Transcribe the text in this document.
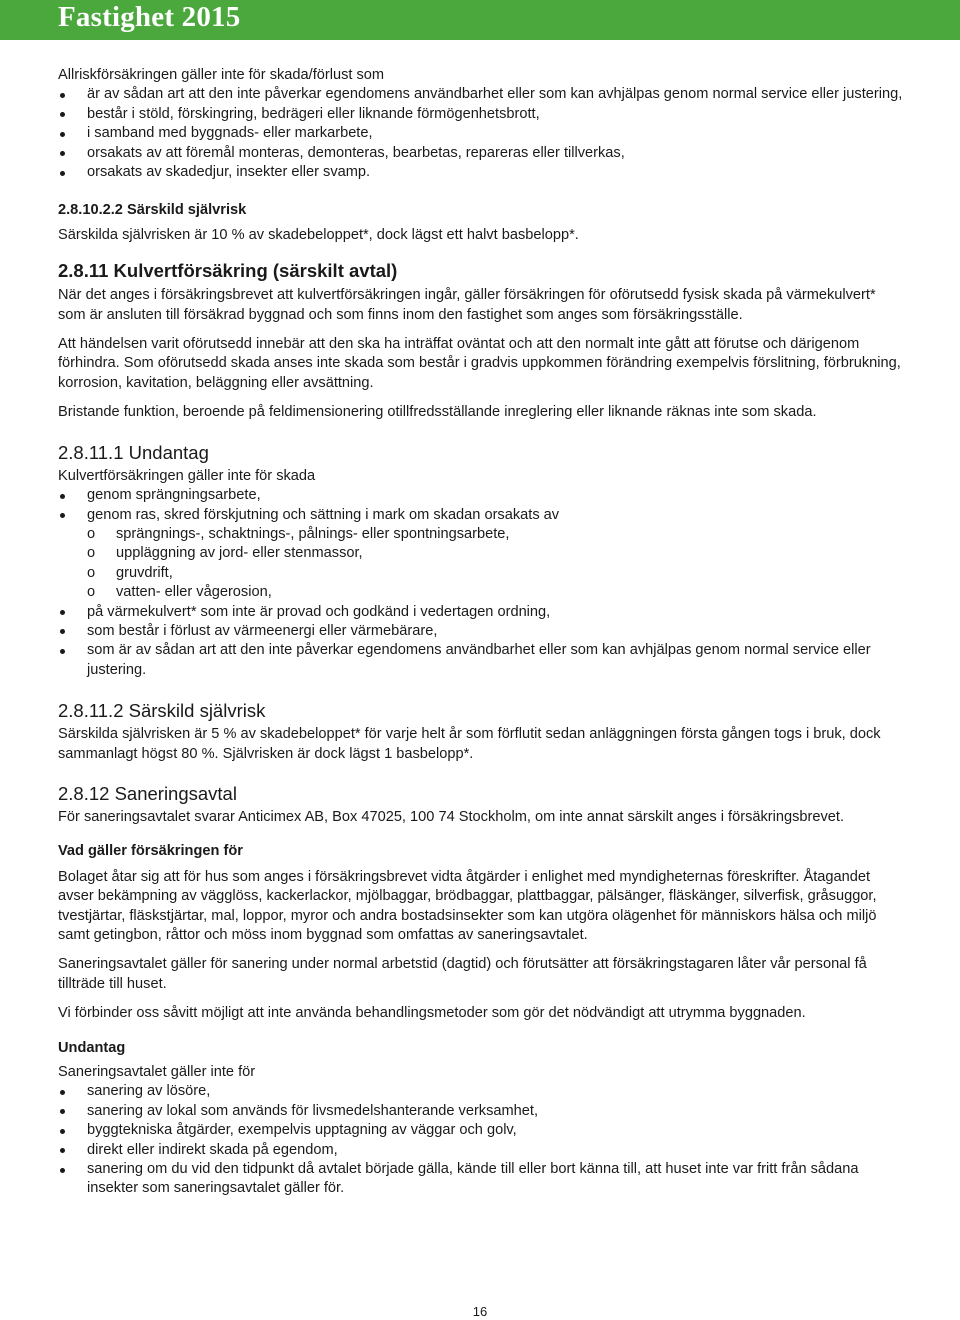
Fastighet 2015

Allriskförsäkringen gäller inte för skada/förlust som

är av sådan art att den inte påverkar egendomens användbarhet eller som kan avhjälpas genom normal service eller justering,
består i stöld, förskingring, bedrägeri eller liknande förmögenhetsbrott,
i samband med byggnads- eller markarbete,
orsakats av att föremål monteras, demonteras, bearbetas, repareras eller tillverkas,
orsakats av skadedjur, insekter eller svamp.

2.8.10.2.2 Särskild självrisk

Särskilda självrisken är 10 % av skadebeloppet*, dock lägst ett halvt basbelopp*.

2.8.11 Kulvertförsäkring (särskilt avtal)

När det anges i försäkringsbrevet att kulvertförsäkringen ingår, gäller försäkringen för oförutsedd fysisk skada på värmekulvert* som är ansluten till försäkrad byggnad och som finns inom den fastighet som anges som försäkringsställe.

Att händelsen varit oförutsedd innebär att den ska ha inträffat oväntat och att den normalt inte gått att förutse och därigenom förhindra. Som oförutsedd skada anses inte skada som består i gradvis uppkommen förändring exempelvis förslitning, förbrukning, korrosion, kavitation, beläggning eller avsättning.

Bristande funktion, beroende på feldimensionering otillfredsställande inreglering eller liknande räknas inte som skada.

2.8.11.1 Undantag

Kulvertförsäkringen gäller inte för skada

genom sprängningsarbete,
genom ras, skred förskjutning och sättning i mark om skadan orsakats av
o sprängnings-, schaktnings-, pålnings- eller spontningsarbete,
o uppläggning av jord- eller stenmassor,
o gruvdrift,
o vatten- eller vågerosion,
på värmekulvert* som inte är provad och godkänd i vedertagen ordning,
som består i förlust av värmeenergi eller värmebärare,
som är av sådan art att den inte påverkar egendomens användbarhet eller som kan avhjälpas genom normal service eller justering.

2.8.11.2 Särskild självrisk

Särskilda självrisken är 5 % av skadebeloppet* för varje helt år som förflutit sedan anläggningen första gången togs i bruk, dock sammanlagt högst 80 %. Självrisken är dock lägst 1 basbelopp*.

2.8.12 Saneringsavtal

För saneringsavtalet svarar Anticimex AB, Box 47025, 100 74 Stockholm, om inte annat särskilt anges i försäkringsbrevet.

Vad gäller försäkringen för

Bolaget åtar sig att för hus som anges i försäkringsbrevet vidta åtgärder i enlighet med myndigheternas föreskrifter. Åtagandet avser bekämpning av vägglöss, kackerlackor, mjölbaggar, brödbaggar, plattbaggar, pälsänger, fläskänger, silverfisk, gråsuggor, tvestjärtar, fläskstjärtar, mal, loppor, myror och andra bostadsinsekter som kan utgöra olägenhet för människors hälsa och miljö samt getingbon, råttor och möss inom byggnad som omfattas av saneringsavtalet.

Saneringsavtalet gäller för sanering under normal arbetstid (dagtid) och förutsätter att försäkringstagaren låter vår personal få tillträde till huset.

Vi förbinder oss såvitt möjligt att inte använda behandlingsmetoder som gör det nödvändigt att utrymma byggnaden.

Undantag

Saneringsavtalet gäller inte för

sanering av lösöre,
sanering av lokal som används för livsmedelshanterande verksamhet,
byggtekniska åtgärder, exempelvis upptagning av väggar och golv,
direkt eller indirekt skada på egendom,
sanering om du vid den tidpunkt då avtalet började gälla, kände till eller bort känna till, att huset inte var fritt från sådana insekter som saneringsavtalet gäller för.
16
